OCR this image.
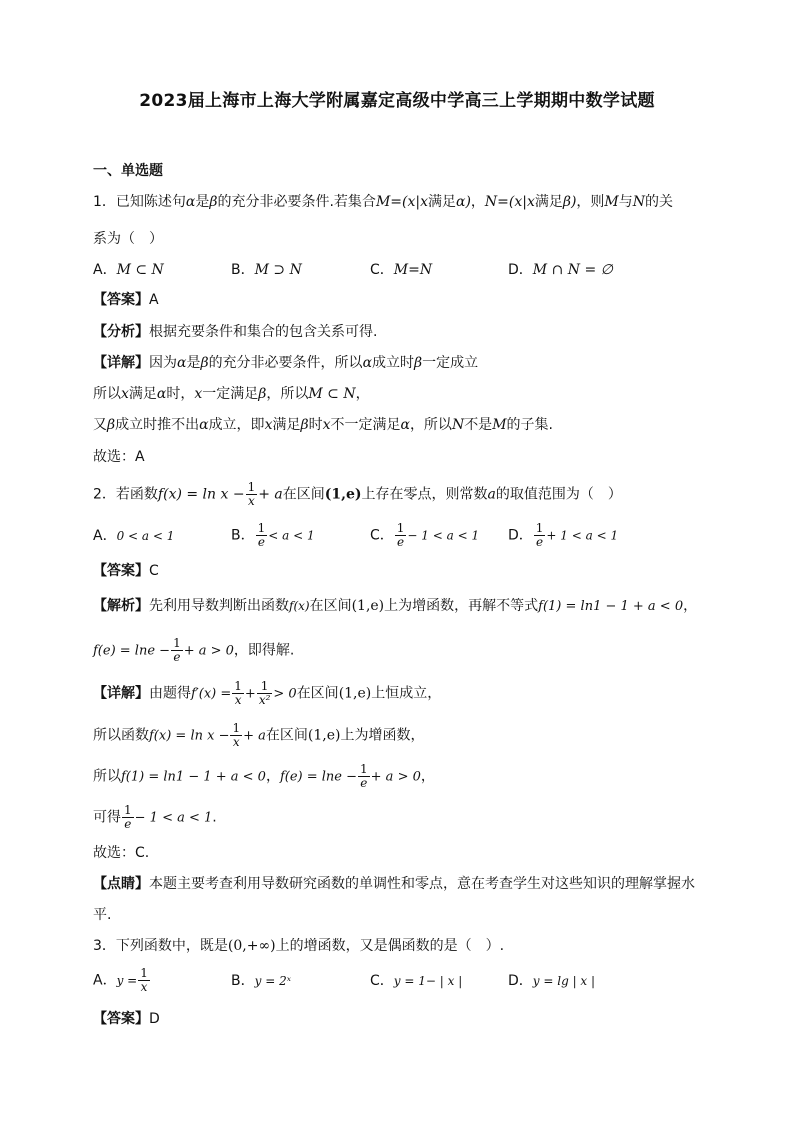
2023届上海市上海大学附属嘉定高级中学高三上学期期中数学试题
一、单选题
1．已知陈述句α是β的充分非必要条件.若集合M=(x|x满足α)，N=(x|x满足β)，则M与N的关
系为（　）
A．M ⊂ N	B．M ⊃ N	C．M=N	D．M ∩ N = ∅
【答案】A
【分析】根据充要条件和集合的包含关系可得.
【详解】因为α是β的充分非必要条件，所以α成立时β一定成立
所以x满足α时，x一定满足β，所以M ⊂ N，
又β成立时推不出α成立，即x满足β时x不一定满足α，所以N不是M的子集.
故选：A
2．若函数$f(x) = \ln x - \frac{1}{x} + a$在区间(1,e)上存在零点，则常数a的取值范围为（　）
A．0 < a < 1	B． $\frac{1}{e} < a < 1$	C． $\frac{1}{e} - 1 < a < 1$ D． $\frac{1}{e} + 1 < a < 1$
【答案】C
【解析】先利用导数判断出函数f(x)在区间(1,e)上为增函数，再解不等式f(1) = ln1 − 1 + a < 0，
$f(e) = \ln e - \frac{1}{e} + a > 0$，即得解.
【详解】由题得$f'(x) = \frac{1}{x} + \frac{1}{\text{x²}} > 0$在区间(1,e)上恒成立，
所以函数$f(x) = \ln x - \frac{1}{x} + a$在区间(1,e)上为增函数，
所以f(1) = ln1 − 1 + a < 0，$f(e) = \ln e - \frac{1}{e} + a > 0$，
可得 $\frac{1}{e} - 1 < a < 1$.
故选：C.
【点睛】本题主要考查利用导数研究函数的单调性和零点，意在考查学生对这些知识的理解掌握水
平.
3．下列函数中，既是(0,+∞)上的增函数，又是偶函数的是（　）.
A．$y = \frac{1}{x}$	B．y = 2ˣ	C．y = 1− | x |	D．y = lg | x |
【答案】D
